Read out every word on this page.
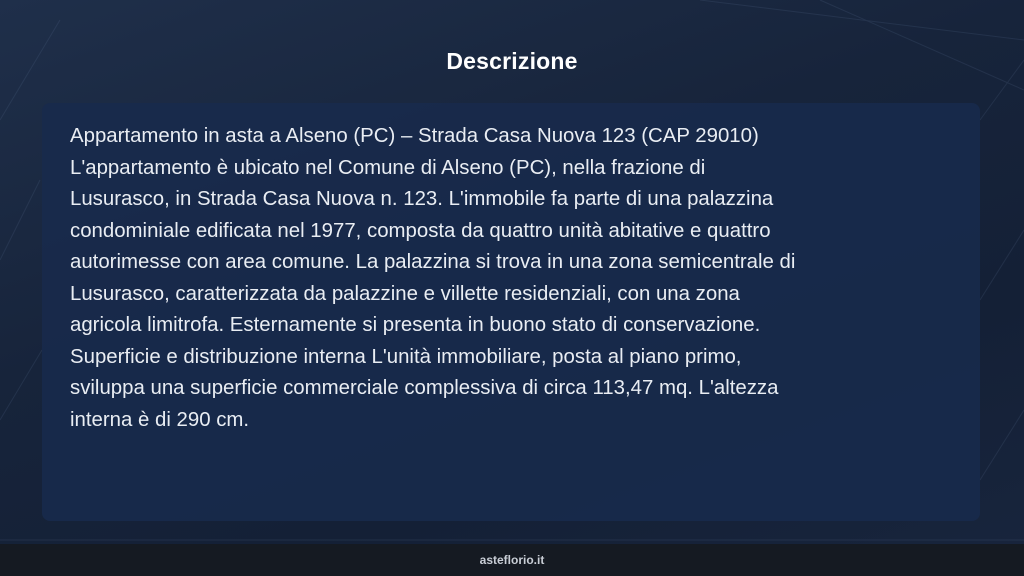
Descrizione

Appartamento in asta a Alseno (PC) – Strada Casa Nuova 123 (CAP 29010)
L'appartamento è ubicato nel Comune di Alseno (PC), nella frazione di
Lusurasco, in Strada Casa Nuova n. 123. L'immobile fa parte di una palazzina
condominiale edificata nel 1977, composta da quattro unità abitative e quattro
autorimesse con area comune. La palazzina si trova in una zona semicentrale di
Lusurasco, caratterizzata da palazzine e villette residenziali, con una zona
agricola limitrofa. Esternamente si presenta in buono stato di conservazione.
Superficie e distribuzione interna L'unità immobiliare, posta al piano primo,
sviluppa una superficie commerciale complessiva di circa 113,47 mq. L'altezza
interna è di 290 cm.

asteflorio.it
